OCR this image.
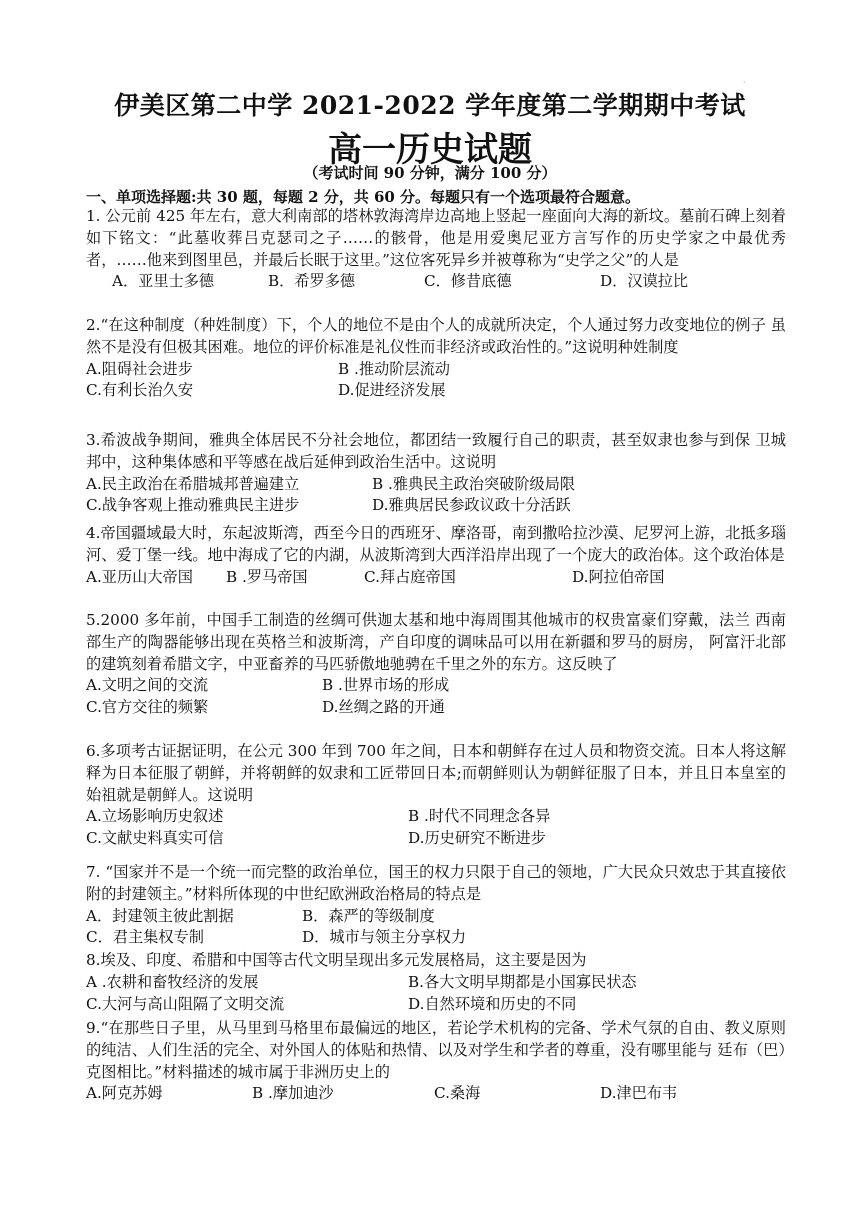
·
伊美区第二中学 2021-2022 学年度第二学期期中考试
高一历史试题
（考试时间 90 分钟，满分 100 分）
一、单项选择题:共 30 题，每题 2 分，共 60 分。每题只有一个选项最符合题意。

1. 公元前 425 年左右，意大利南部的塔林敦海湾岸边高地上竖起一座面向大海的新坟。墓前石碑上刻着如下铭文：“此墓收葬吕克瑟司之子……的骸骨，他是用爱奥尼亚方言写作的历史学家之中最优秀者，……他来到图里邑，并最后长眠于这里。”这位客死异乡并被尊称为“史学之父”的人是

A．亚里士多德	B．希罗多德	C．修昔底德	D．汉谟拉比

2.“在这种制度（种姓制度）下，个人的地位不是由个人的成就所决定，个人通过努力改变地位的例子 虽然不是没有但极其困难。地位的评价标准是礼仪性而非经济或政治性的。”这说明种姓制度

A.阻碍社会进步	B .推动阶层流动
C.有利长治久安	D.促进经济发展

3.希波战争期间，雅典全体居民不分社会地位，都团结一致履行自己的职责，甚至奴隶也参与到保 卫城邦中，这种集体感和平等感在战后延伸到政治生活中。这说明

A.民主政治在希腊城邦普遍建立	B .雅典民主政治突破阶级局限
C.战争客观上推动雅典民主进步	D.雅典居民参政议政十分活跃

4.帝国疆域最大时，东起波斯湾，西至今日的西班牙、摩洛哥，南到撒哈拉沙漠、尼罗河上游，北抵多瑙河、爱丁堡一线。地中海成了它的内湖，从波斯湾到大西洋沿岸出现了一个庞大的政治体。这个政治体是

A.亚历山大帝国 B .罗马帝国	C.拜占庭帝国	D.阿拉伯帝国

5.2000 多年前，中国手工制造的丝绸可供迦太基和地中海周围其他城市的权贵富豪们穿戴，法兰 西南部生产的陶器能够出现在英格兰和波斯湾，产自印度的调味品可以用在新疆和罗马的厨房， 阿富汗北部的建筑刻着希腊文字，中亚畜养的马匹骄傲地驰骋在千里之外的东方。这反映了

A.文明之间的交流	B .世界市场的形成
C.官方交往的频繁	D.丝绸之路的开通

6.多项考古证据证明，在公元 300 年到 700 年之间，日本和朝鲜存在过人员和物资交流。日本人将这解释为日本征服了朝鲜，并将朝鲜的奴隶和工匠带回日本;而朝鲜则认为朝鲜征服了日本，并且日本皇室的始祖就是朝鲜人。这说明

A.立场影响历史叙述	B .时代不同理念各异
C.文献史料真实可信	D.历史研究不断进步

7. “国家并不是一个统一而完整的政治单位，国王的权力只限于自己的领地，广大民众只效忠于其直接依附的封建领主。”材料所体现的中世纪欧洲政治格局的特点是

A．封建领主彼此割据	B．森严的等级制度
C．君主集权专制	D．城市与领主分享权力

8.埃及、印度、希腊和中国等古代文明呈现出多元发展格局，这主要是因为

A .农耕和畜牧经济的发展	B.各大文明早期都是小国寡民状态
C.大河与高山阻隔了文明交流	D.自然环境和历史的不同

9.“在那些日子里，从马里到马格里布最偏远的地区，若论学术机构的完备、学术气氛的自由、教义原则的纯洁、人们生活的完全、对外国人的体贴和热情、以及对学生和学者的尊重，没有哪里能与 廷布（巴）克图相比。”材料描述的城市属于非洲历史上的

A.阿克苏姆	B .摩加迪沙	C.桑海	D.津巴布韦
